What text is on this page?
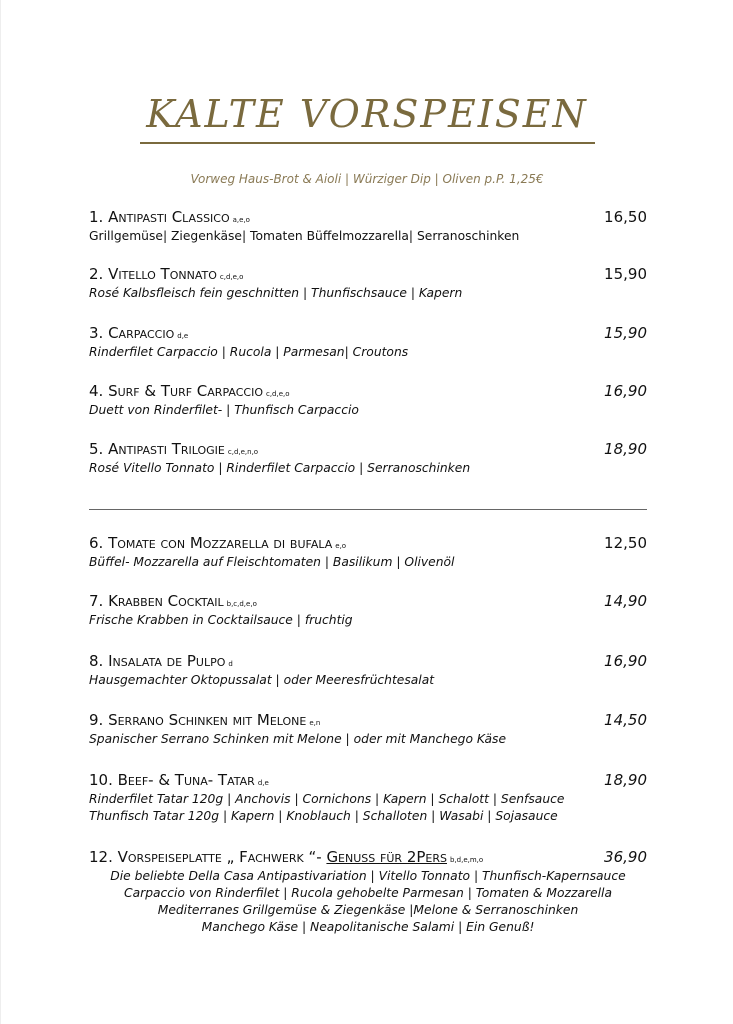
KALTE VORSPEISEN
Vorweg Haus-Brot & Aioli | Würziger Dip | Oliven p.P. 1,25€
1. Antipasti Classico a,e,o	16,50
Grillgemüse| Ziegenkäse| Tomaten Büffelmozzarella| Serranoschinken
2. Vitello Tonnato c,d,e,o	15,90
Rosé Kalbsfleisch fein geschnitten | Thunfischsauce | Kapern
3. Carpaccio d,e	15,90
Rinderfilet Carpaccio | Rucola | Parmesan| Croutons
4. Surf & Turf Carpaccio c,d,e,o	16,90
Duett von Rinderfilet- | Thunfisch Carpaccio
5. Antipasti Trilogie c,d,e,n,o	18,90
Rosé Vitello Tonnato | Rinderfilet Carpaccio | Serranoschinken
6. Tomate con Mozzarella di bufala e,o	12,50
Büffel- Mozzarella auf Fleischtomaten | Basilikum | Olivenöl
7. Krabben Cocktail b,c,d,e,o	14,90
Frische Krabben in Cocktailsauce | fruchtig
8. Insalata de Pulpo d	16,90
Hausgemachter Oktopussalat | oder Meeresfrüchtesalat
9. Serrano Schinken mit Melone e,n	14,50
Spanischer Serrano Schinken mit Melone | oder mit Manchego Käse
10. Beef- & Tuna- Tatar d,e	18,90
Rinderfilet Tatar 120g | Anchovis | Cornichons | Kapern | Schalott | Senfsauce
Thunfisch Tatar 120g | Kapern | Knoblauch | Schalloten | Wasabi | Sojasauce
12. Vorspeiseplatte „ Fachwerk “- Genuß für 2Pers b,d,e,m,o	36,90
Die beliebte Della Casa Antipastivariation | Vitello Tonnato | Thunfisch-Kapernsauce
Carpaccio von Rinderfilet | Rucola gehobelte Parmesan | Tomaten & Mozzarella
Mediterranes Grillgemüse & Ziegenkäse |Melone & Serranoschinken
Manchego Käse | Neapolitanische Salami | Ein Genuß!
